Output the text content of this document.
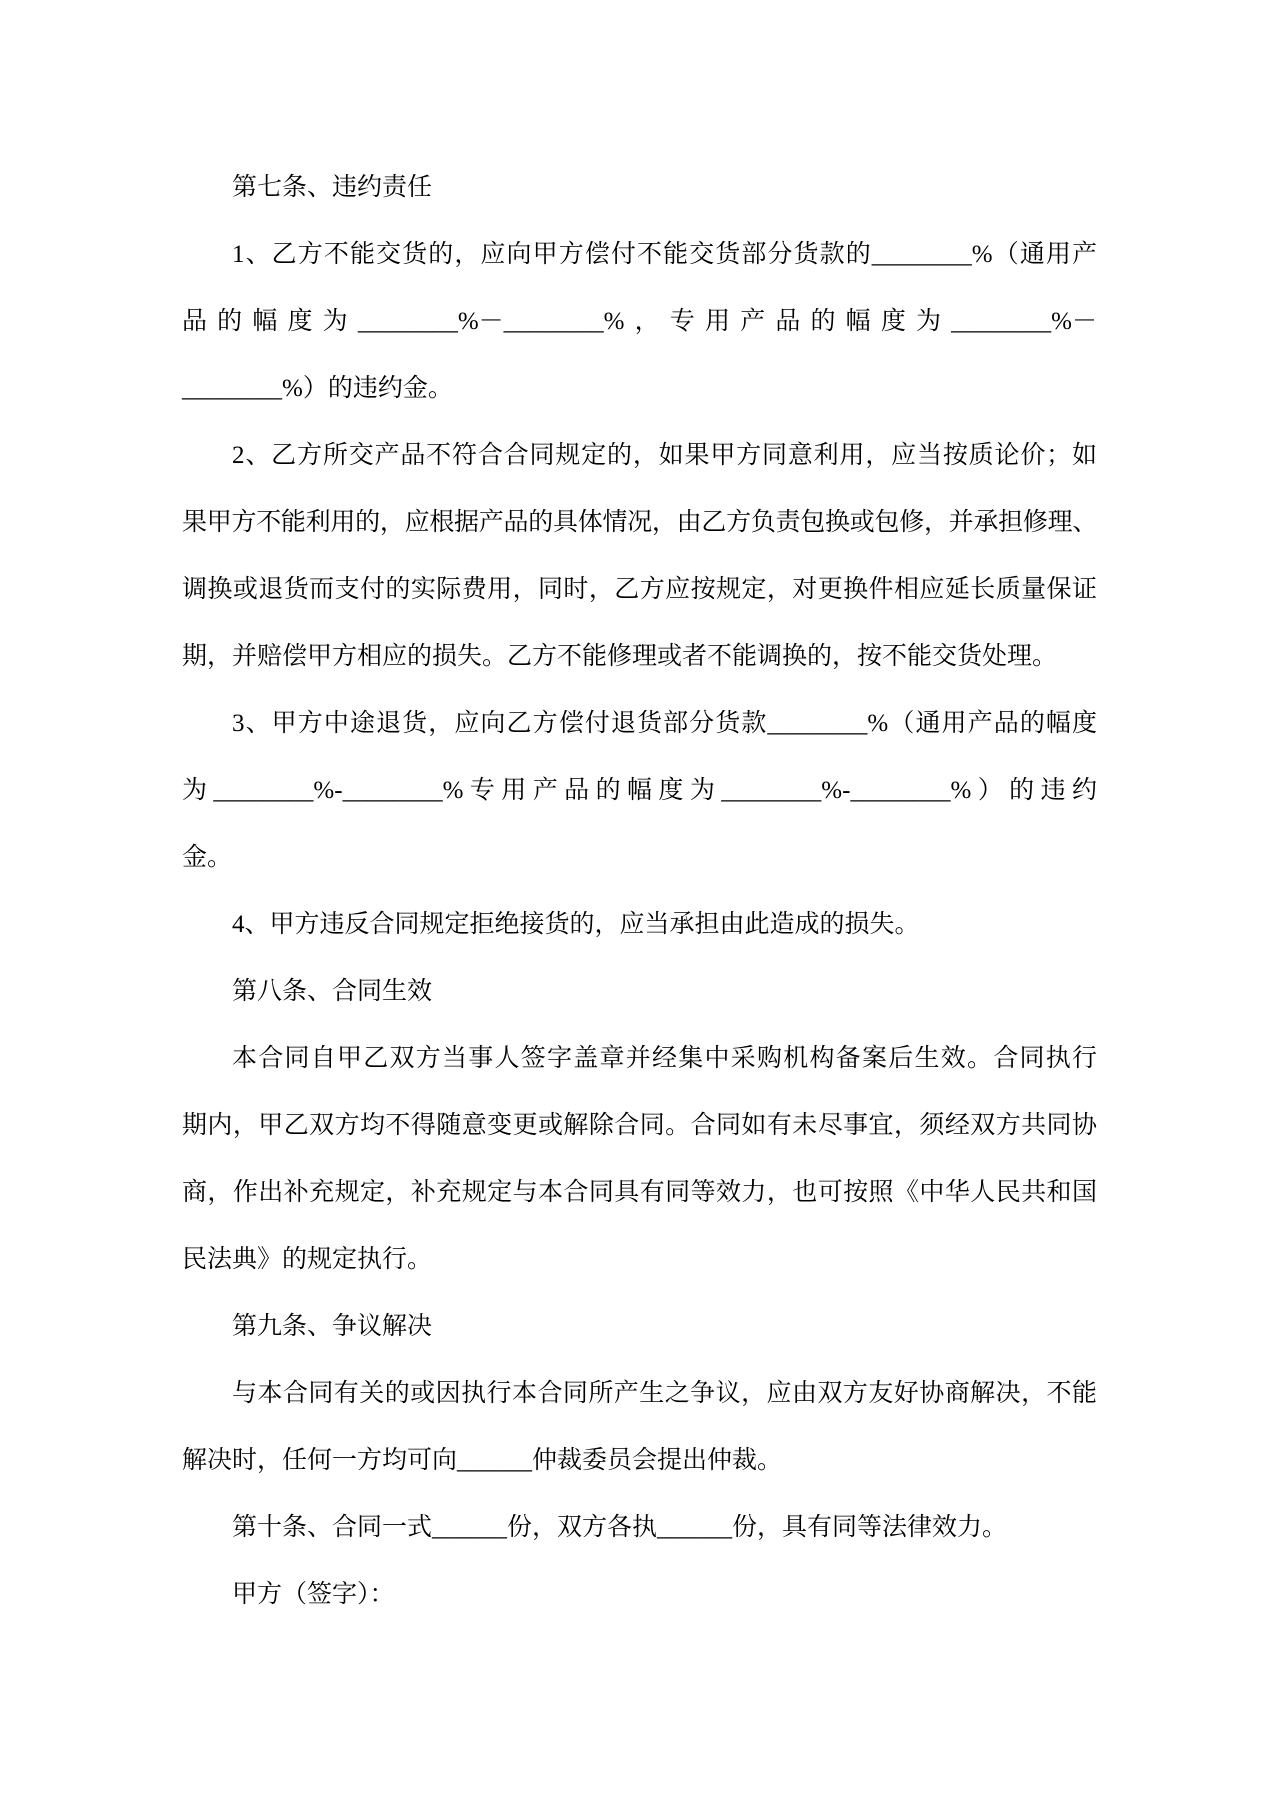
第七条、违约责任
1、乙方不能交货的，应向甲方偿付不能交货部分货款的________%（通用产
品的幅度为________%－________%，专用产品的幅度为________%－
________%）的违约金。
2、乙方所交产品不符合合同规定的，如果甲方同意利用，应当按质论价；如
果甲方不能利用的，应根据产品的具体情况，由乙方负责包换或包修，并承担修理、
调换或退货而支付的实际费用，同时，乙方应按规定，对更换件相应延长质量保证
期，并赔偿甲方相应的损失。乙方不能修理或者不能调换的，按不能交货处理。
3、甲方中途退货，应向乙方偿付退货部分货款________%（通用产品的幅度
为________%-________%专用产品的幅度为________%-________%）的违约
金。
4、甲方违反合同规定拒绝接货的，应当承担由此造成的损失。
第八条、合同生效
本合同自甲乙双方当事人签字盖章并经集中采购机构备案后生效。合同执行
期内，甲乙双方均不得随意变更或解除合同。合同如有未尽事宜，须经双方共同协
商，作出补充规定，补充规定与本合同具有同等效力，也可按照《中华人民共和国
民法典》的规定执行。
第九条、争议解决
与本合同有关的或因执行本合同所产生之争议，应由双方友好协商解决，不能
解决时，任何一方均可向______仲裁委员会提出仲裁。
第十条、合同一式______份，双方各执______份，具有同等法律效力。
甲方（签字）：
